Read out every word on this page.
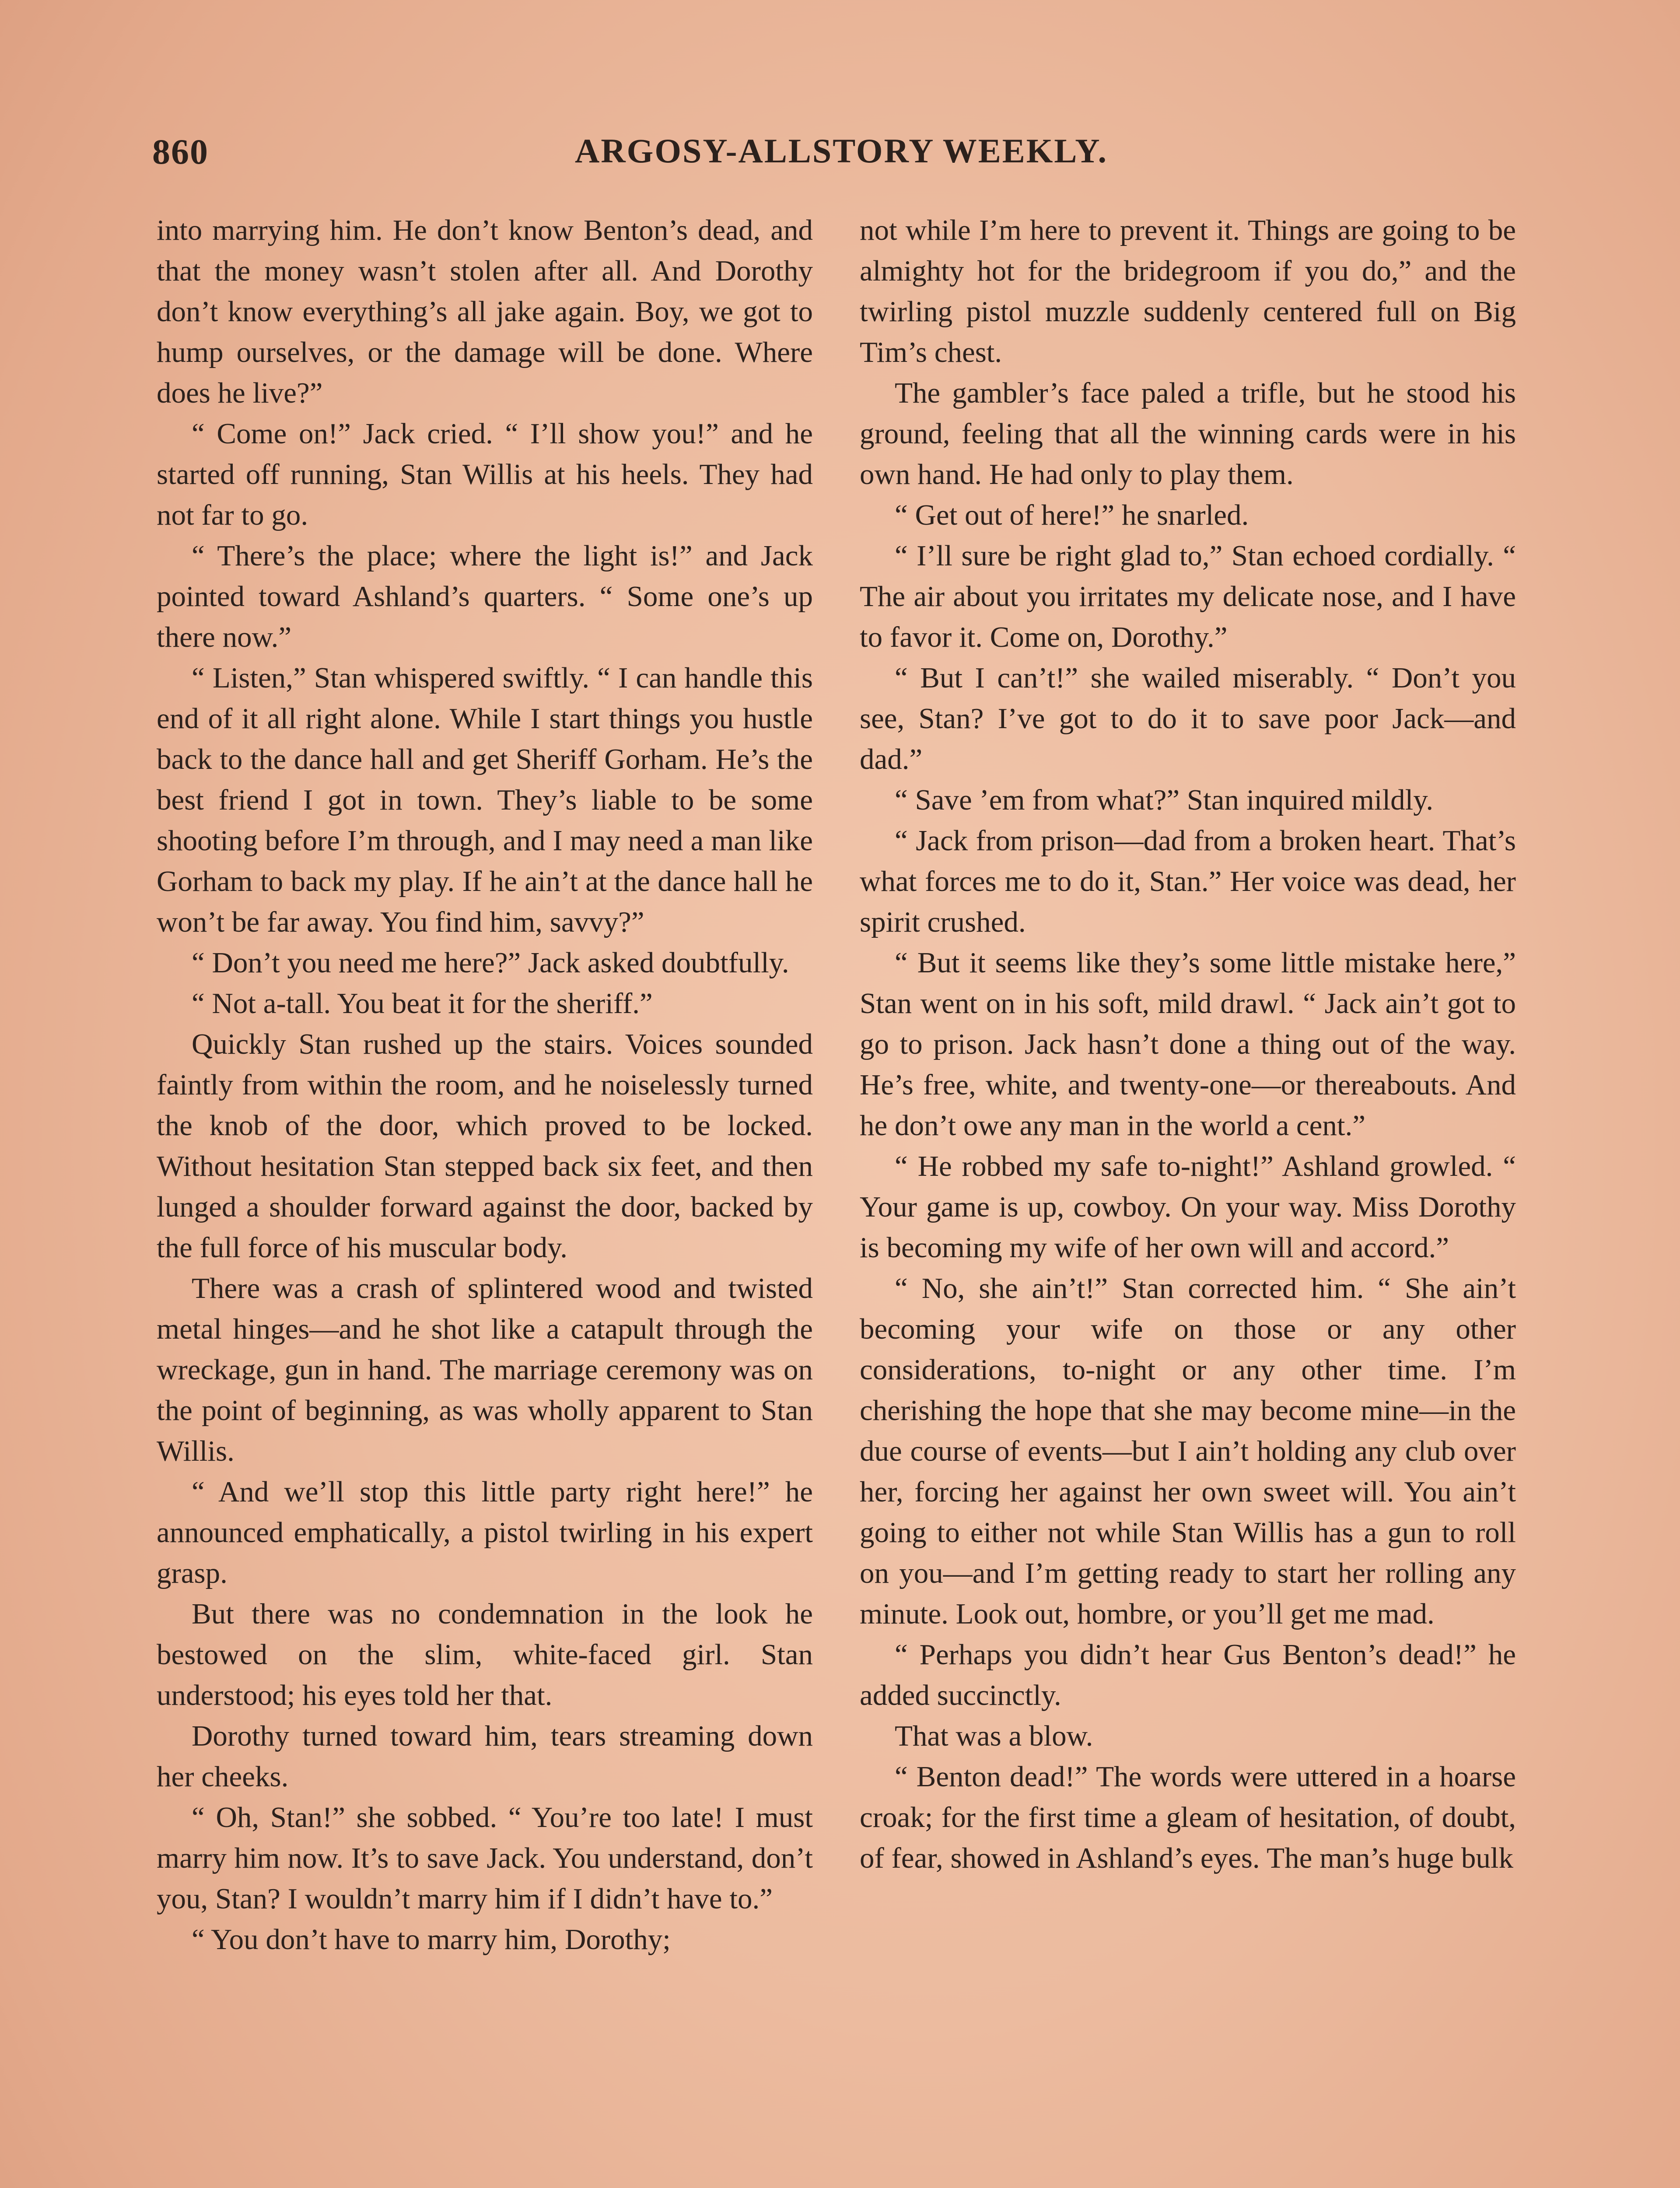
860	ARGOSY-ALLSTORY WEEKLY.

into marrying him. He don’t know Benton’s dead, and that the money wasn’t stolen after all. And Dorothy don’t know everything’s all jake again. Boy, we got to hump ourselves, or the damage will be done. Where does he live?”

“ Come on!” Jack cried. “ I’ll show you!” and he started off running, Stan Willis at his heels. They had not far to go.

“ There’s the place; where the light is!” and Jack pointed toward Ashland’s quarters. “ Some one’s up there now.”

“ Listen,” Stan whispered swiftly. “ I can handle this end of it all right alone. While I start things you hustle back to the dance hall and get Sheriff Gorham. He’s the best friend I got in town. They’s liable to be some shooting before I’m through, and I may need a man like Gorham to back my play. If he ain’t at the dance hall he won’t be far away. You find him, savvy?”

“ Don’t you need me here?” Jack asked doubtfully.

“ Not a-tall. You beat it for the sheriff.”

Quickly Stan rushed up the stairs. Voices sounded faintly from within the room, and he noiselessly turned the knob of the door, which proved to be locked. Without hesitation Stan stepped back six feet, and then lunged a shoulder forward against the door, backed by the full force of his muscular body.

There was a crash of splintered wood and twisted metal hinges—and he shot like a catapult through the wreckage, gun in hand. The marriage ceremony was on the point of beginning, as was wholly apparent to Stan Willis.

“ And we’ll stop this little party right here!” he announced emphatically, a pistol twirling in his expert grasp.

But there was no condemnation in the look he bestowed on the slim, white-faced girl. Stan understood; his eyes told her that.

Dorothy turned toward him, tears streaming down her cheeks.

“ Oh, Stan!” she sobbed. “ You’re too late! I must marry him now. It’s to save Jack. You understand, don’t you, Stan? I wouldn’t marry him if I didn’t have to.”

“ You don’t have to marry him, Dorothy;

not while I’m here to prevent it. Things are going to be almighty hot for the bridegroom if you do,” and the twirling pistol muzzle suddenly centered full on Big Tim’s chest.

The gambler’s face paled a trifle, but he stood his ground, feeling that all the winning cards were in his own hand. He had only to play them.

“ Get out of here!” he snarled.

“ I’ll sure be right glad to,” Stan echoed cordially. “ The air about you irritates my delicate nose, and I have to favor it. Come on, Dorothy.”

“ But I can’t!” she wailed miserably. “ Don’t you see, Stan? I’ve got to do it to save poor Jack—and dad.”

“ Save ’em from what?” Stan inquired mildly.

“ Jack from prison—dad from a broken heart. That’s what forces me to do it, Stan.” Her voice was dead, her spirit crushed.

“ But it seems like they’s some little mistake here,” Stan went on in his soft, mild drawl. “ Jack ain’t got to go to prison. Jack hasn’t done a thing out of the way. He’s free, white, and twenty-one—or thereabouts. And he don’t owe any man in the world a cent.”

“ He robbed my safe to-night!” Ashland growled. “ Your game is up, cowboy. On your way. Miss Dorothy is becoming my wife of her own will and accord.”

“ No, she ain’t!” Stan corrected him. “ She ain’t becoming your wife on those or any other considerations, to-night or any other time. I’m cherishing the hope that she may become mine—in the due course of events—but I ain’t holding any club over her, forcing her against her own sweet will. You ain’t going to either not while Stan Willis has a gun to roll on you—and I’m getting ready to start her rolling any minute. Look out, hombre, or you’ll get me mad.

“ Perhaps you didn’t hear Gus Benton’s dead!” he added succinctly.

That was a blow.

“ Benton dead!” The words were uttered in a hoarse croak; for the first time a gleam of hesitation, of doubt, of fear, showed in Ashland’s eyes. The man’s huge bulk
